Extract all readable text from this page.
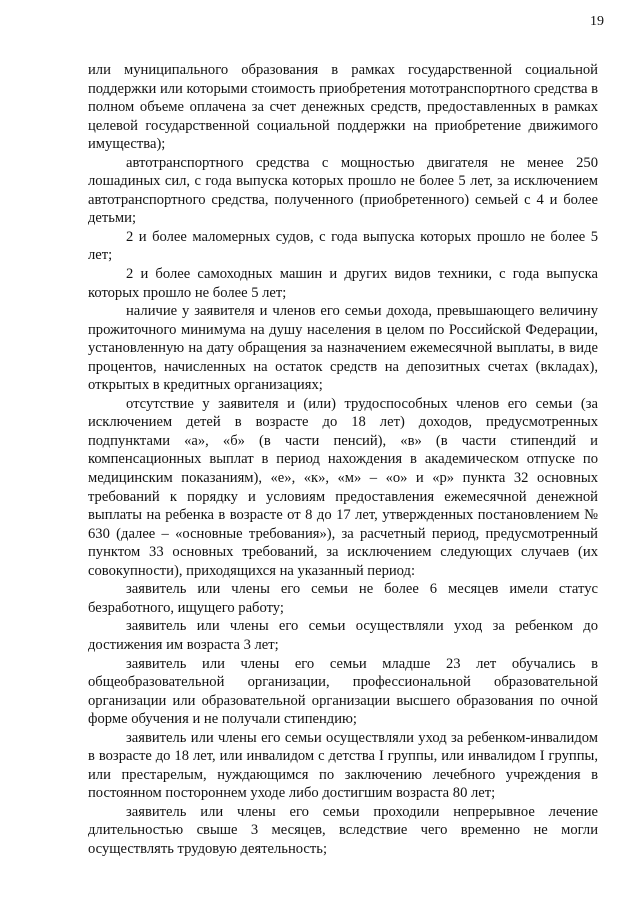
19

или муниципального образования в рамках государственной социальной поддержки или которыми стоимость приобретения мототранспортного средства в полном объеме оплачена за счет денежных средств, предоставленных в рамках целевой государственной социальной поддержки на приобретение движимого имущества);

автотранспортного средства с мощностью двигателя не менее 250 лошадиных сил, с года выпуска которых прошло не более 5 лет, за исключением автотранспортного средства, полученного (приобретенного) семьей с 4 и более детьми;

2 и более маломерных судов, с года выпуска которых прошло не более 5 лет;

2 и более самоходных машин и других видов техники, с года выпуска которых прошло не более 5 лет;

наличие у заявителя и членов его семьи дохода, превышающего величину прожиточного минимума на душу населения в целом по Российской Федерации, установленную на дату обращения за назначением ежемесячной выплаты, в виде процентов, начисленных на остаток средств на депозитных счетах (вкладах), открытых в кредитных организациях;

отсутствие у заявителя и (или) трудоспособных членов его семьи (за исключением детей в возрасте до 18 лет) доходов, предусмотренных подпунктами «а», «б» (в части пенсий), «в» (в части стипендий и компенсационных выплат в период нахождения в академическом отпуске по медицинским показаниям), «е», «к», «м» – «о» и «р» пункта 32 основных требований к порядку и условиям предоставления ежемесячной денежной выплаты на ребенка в возрасте от 8 до 17 лет, утвержденных постановлением № 630 (далее – «основные требования»), за расчетный период, предусмотренный пунктом 33 основных требований, за исключением следующих случаев (их совокупности), приходящихся на указанный период:

заявитель или члены его семьи не более 6 месяцев имели статус безработного, ищущего работу;

заявитель или члены его семьи осуществляли уход за ребенком до достижения им возраста 3 лет;

заявитель или члены его семьи младше 23 лет обучались в общеобразовательной организации, профессиональной образовательной организации или образовательной организации высшего образования по очной форме обучения и не получали стипендию;

заявитель или члены его семьи осуществляли уход за ребенком-инвалидом в возрасте до 18 лет, или инвалидом с детства I группы, или инвалидом I группы, или престарелым, нуждающимся по заключению лечебного учреждения в постоянном постороннем уходе либо достигшим возраста 80 лет;

заявитель или члены его семьи проходили непрерывное лечение длительностью свыше 3 месяцев, вследствие чего временно не могли осуществлять трудовую деятельность;
